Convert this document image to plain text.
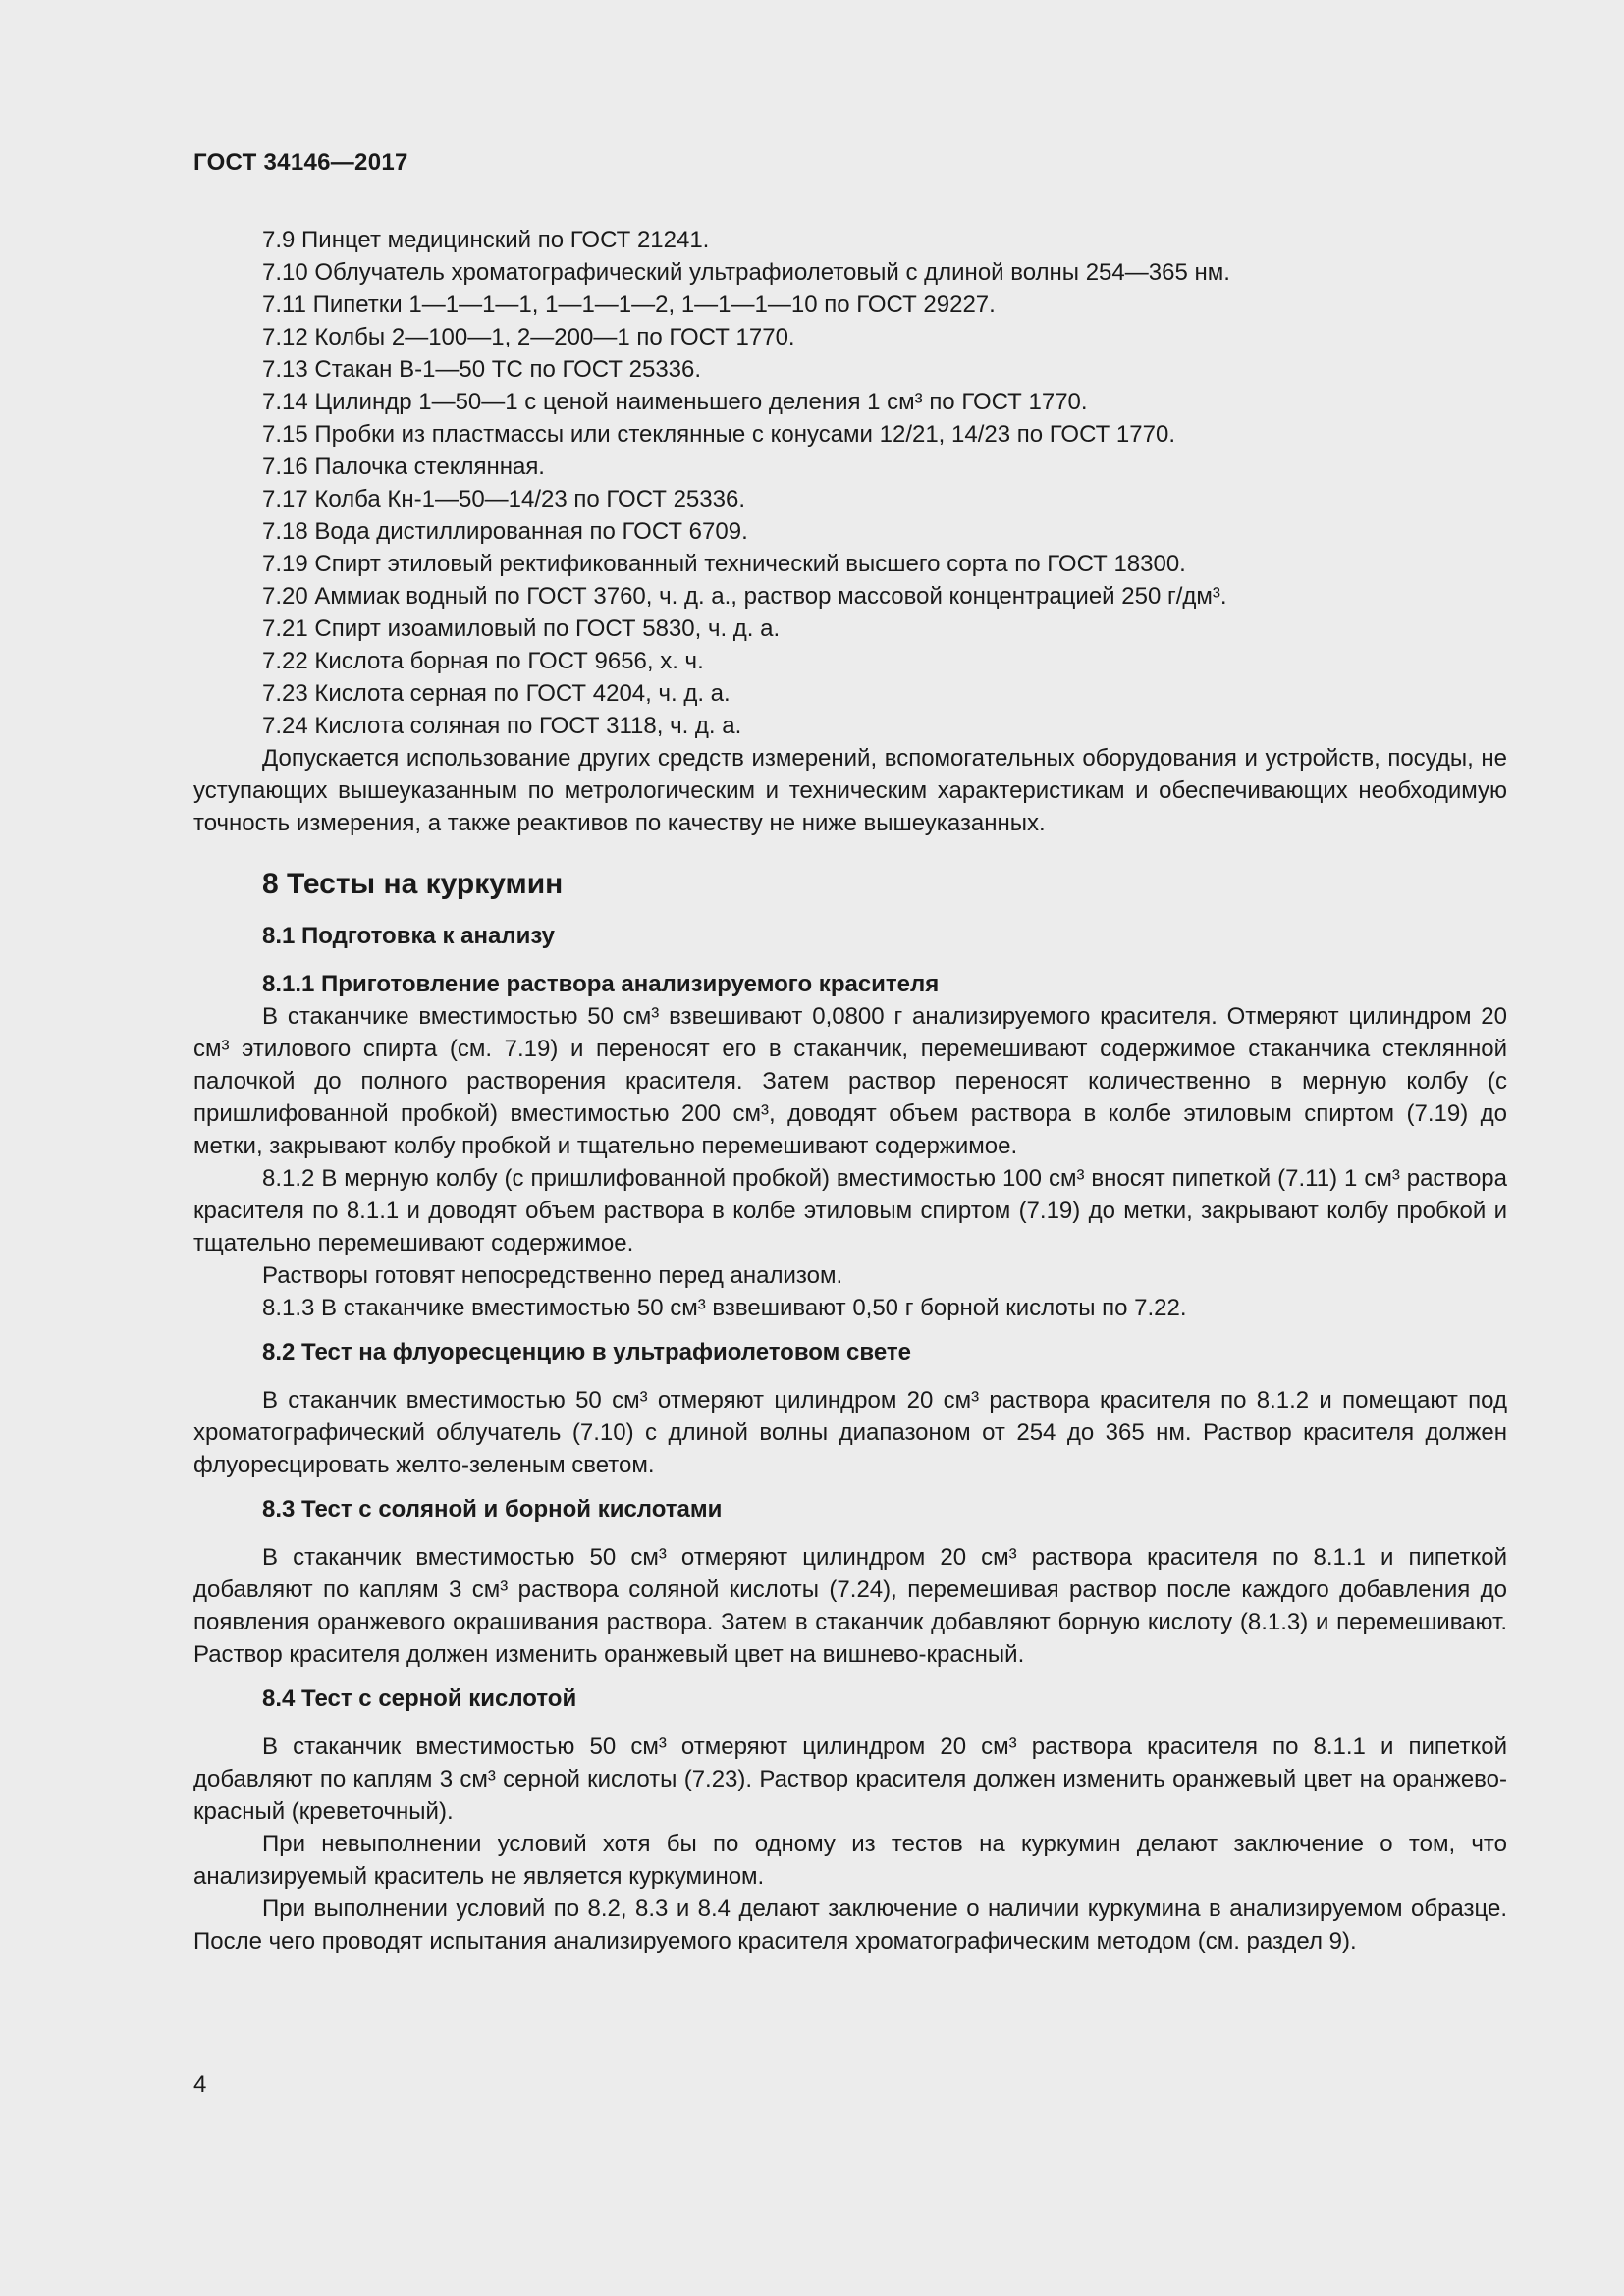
ГОСТ 34146—2017
7.9 Пинцет медицинский по ГОСТ 21241.
7.10 Облучатель хроматографический ультрафиолетовый с длиной волны 254—365 нм.
7.11 Пипетки 1—1—1—1, 1—1—1—2, 1—1—1—10 по ГОСТ 29227.
7.12 Колбы 2—100—1, 2—200—1 по ГОСТ 1770.
7.13 Стакан В-1—50 ТС по ГОСТ 25336.
7.14 Цилиндр 1—50—1 с ценой наименьшего деления 1 см³ по ГОСТ 1770.
7.15 Пробки из пластмассы или стеклянные с конусами 12/21, 14/23 по ГОСТ 1770.
7.16 Палочка стеклянная.
7.17 Колба Кн-1—50—14/23 по ГОСТ 25336.
7.18 Вода дистиллированная по ГОСТ 6709.
7.19 Спирт этиловый ректификованный технический высшего сорта по ГОСТ 18300.
7.20 Аммиак водный по ГОСТ 3760, ч. д. а., раствор массовой концентрацией 250 г/дм³.
7.21 Спирт изоамиловый по ГОСТ 5830, ч. д. а.
7.22 Кислота борная по ГОСТ 9656, х. ч.
7.23 Кислота серная по ГОСТ 4204, ч. д. а.
7.24 Кислота соляная по ГОСТ 3118, ч. д. а.

Допускается использование других средств измерений, вспомогательных оборудования и устройств, посуды, не уступающих вышеуказанным по метрологическим и техническим характеристикам и обеспечивающих необходимую точность измерения, а также реактивов по качеству не ниже вышеуказанных.

8 Тесты на куркумин
8.1 Подготовка к анализу
8.1.1 Приготовление раствора анализируемого красителя

В стаканчике вместимостью 50 см³ взвешивают 0,0800 г анализируемого красителя. Отмеряют цилиндром 20 см³ этилового спирта (см. 7.19) и переносят его в стаканчик, перемешивают содержимое стаканчика стеклянной палочкой до полного растворения красителя. Затем раствор переносят количественно в мерную колбу (с пришлифованной пробкой) вместимостью 200 см³, доводят объем раствора в колбе этиловым спиртом (7.19) до метки, закрывают колбу пробкой и тщательно перемешивают содержимое.

8.1.2 В мерную колбу (с пришлифованной пробкой) вместимостью 100 см³ вносят пипеткой (7.11) 1 см³ раствора красителя по 8.1.1 и доводят объем раствора в колбе этиловым спиртом (7.19) до метки, закрывают колбу пробкой и тщательно перемешивают содержимое.

Растворы готовят непосредственно перед анализом.

8.1.3 В стаканчике вместимостью 50 см³ взвешивают 0,50 г борной кислоты по 7.22.

8.2 Тест на флуоресценцию в ультрафиолетовом свете

В стаканчик вместимостью 50 см³ отмеряют цилиндром 20 см³ раствора красителя по 8.1.2 и помещают под хроматографический облучатель (7.10) с длиной волны диапазоном от 254 до 365 нм. Раствор красителя должен флуоресцировать желто-зеленым светом.

8.3 Тест с соляной и борной кислотами

В стаканчик вместимостью 50 см³ отмеряют цилиндром 20 см³ раствора красителя по 8.1.1 и пипеткой добавляют по каплям 3 см³ раствора соляной кислоты (7.24), перемешивая раствор после каждого добавления до появления оранжевого окрашивания раствора. Затем в стаканчик добавляют борную кислоту (8.1.3) и перемешивают. Раствор красителя должен изменить оранжевый цвет на вишнево-красный.

8.4 Тест с серной кислотой

В стаканчик вместимостью 50 см³ отмеряют цилиндром 20 см³ раствора красителя по 8.1.1 и пипеткой добавляют по каплям 3 см³ серной кислоты (7.23). Раствор красителя должен изменить оранжевый цвет на оранжево-красный (креветочный).

При невыполнении условий хотя бы по одному из тестов на куркумин делают заключение о том, что анализируемый краситель не является куркумином.

При выполнении условий по 8.2, 8.3 и 8.4 делают заключение о наличии куркумина в анализируемом образце. После чего проводят испытания анализируемого красителя хроматографическим методом (см. раздел 9).

4
